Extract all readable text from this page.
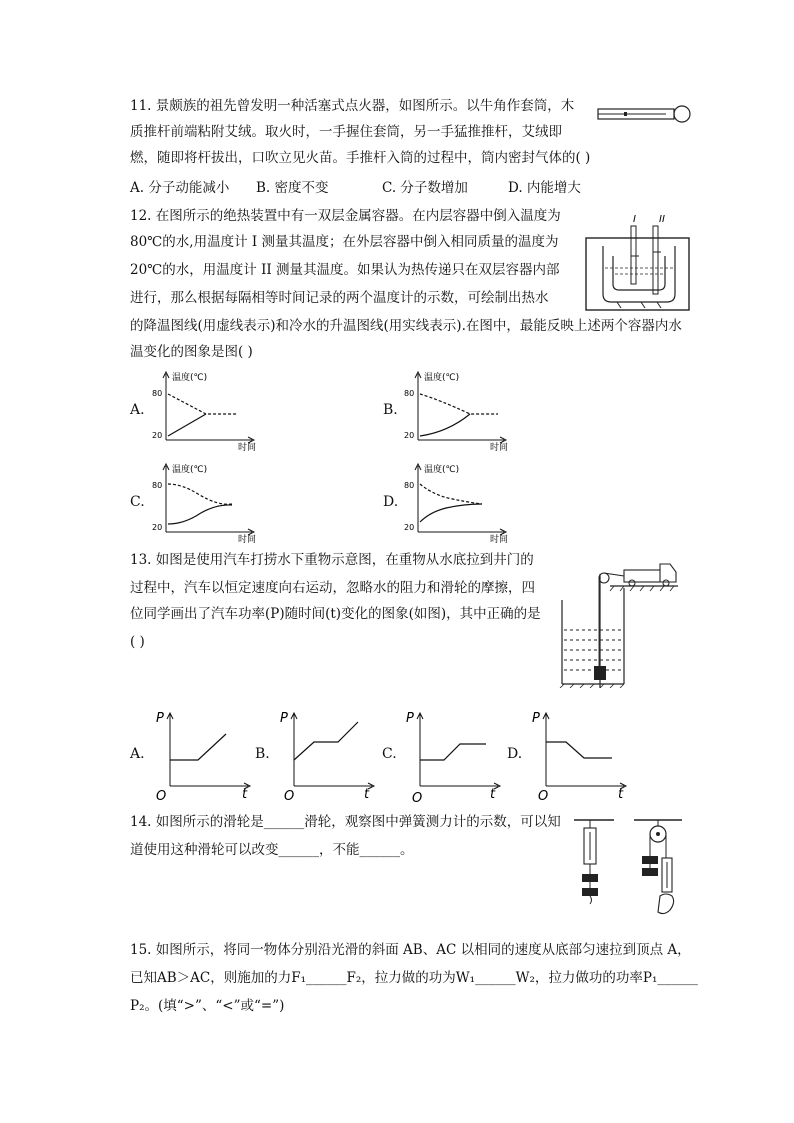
11. 景颇族的祖先曾发明一种活塞式点火器，如图所示。以牛角作套筒，木
质推杆前端粘附艾绒。取火时，一手握住套筒，另一手猛推推杆，艾绒即
燃，随即将杆拔出，口吹立见火苗。手推杆入筒的过程中，筒内密封气体的( )
A. 分子动能减小 B. 密度不变	C. 分子数增加	D. 内能增大
12. 在图所示的绝热装置中有一双层金属容器。在内层容器中倒入温度为
80℃的水,用温度计 I 测量其温度；在外层容器中倒入相同质量的温度为
20℃的水，用温度计 II 测量其温度。如果认为热传递只在双层容器内部
进行，那么根据每隔相等时间记录的两个温度计的示数，可绘制出热水
的降温图线(用虚线表示)和冷水的升温图线(用实线表示).在图中，最能反映上述两个容器内水
温变化的图象是图( )
I II
A.
温度(℃)
80
20
时间
B.
温度(℃)
80
20
时间
C.
温度(℃)
80
20
时间
D.
温度(℃)
80
20
时间
13. 如图是使用汽车打捞水下重物示意图，在重物从水底拉到井门的
过程中，汽车以恒定速度向右运动，忽略水的阻力和滑轮的摩擦，四
位同学画出了汽车功率(P)随时间(t)变化的图象(如图)，其中正确的是
( )
A.
P
t
O
B.
P
t
O
C.
P
t
O
D.
P
t
O
14. 如图所示的滑轮是______滑轮，观察图中弹簧测力计的示数，可以知
道使用这种滑轮可以改变______，不能______。
15. 如图所示，将同一物体分别沿光滑的斜面 AB、AC 以相同的速度从底部匀速拉到顶点 A，
已知AB＞AC，则施加的力F₁______F₂，拉力做的功为W₁______W₂，拉力做功的功率P₁______
P₂。(填“>”、“<”或“=”)
